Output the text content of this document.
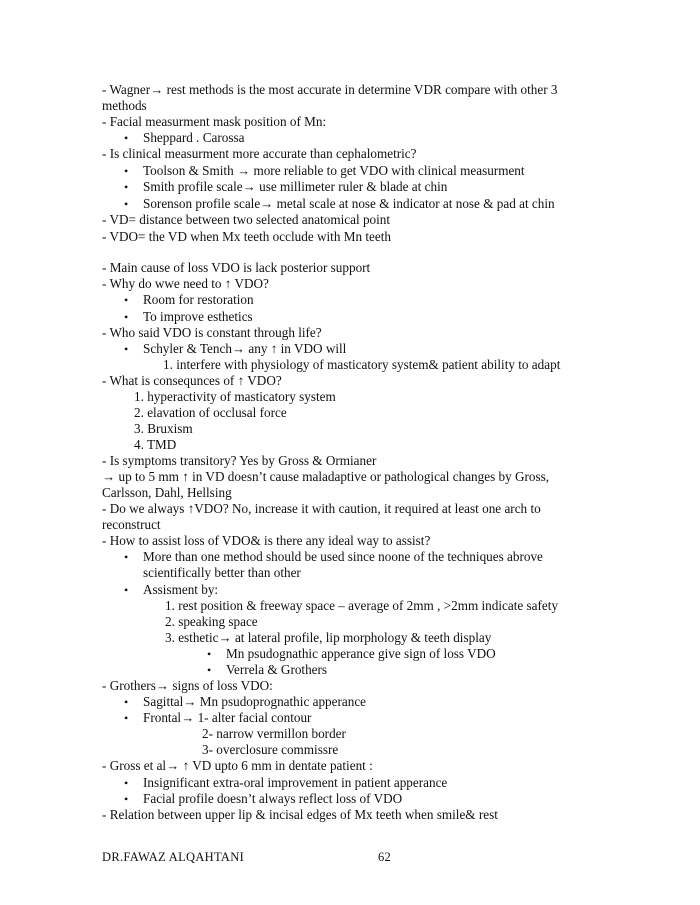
- Wagner→ rest methods is the most accurate in determine VDR compare with other 3
methods
- Facial measurment mask position of Mn:
Sheppard . Carossa
•
- Is clinical measurment more accurate than cephalometric?
Toolson & Smith → more reliable to get VDO with clinical measurment
•
Smith profile scale→ use millimeter ruler & blade at chin
•
Sorenson profile scale→ metal scale at nose & indicator at nose & pad at chin
•
- VD= distance between two selected anatomical point
- VDO= the VD when Mx teeth occlude with Mn teeth
- Main cause of loss VDO is lack posterior support
- Why do wwe need to ↑ VDO?
Room for restoration
•
To improve esthetics
•
- Who said VDO is constant through life?
Schyler & Tench→ any ↑ in VDO will
•
1. interfere with physiology of masticatory system& patient ability to adapt
- What is consequnces of ↑ VDO?
1. hyperactivity of masticatory system
2. elavation of occlusal force
3. Bruxism
4. TMD
- Is symptoms transitory? Yes by Gross & Ormianer
→ up to 5 mm ↑ in VD doesn’t cause maladaptive or pathological changes by Gross,
Carlsson, Dahl, Hellsing
- Do we always ↑VDO? No, increase it with caution, it required at least one arch to
reconstruct
- How to assist loss of VDO& is there any ideal way to assist?
More than one method should be used since noone of the techniques abrove
•
scientifically better than other
Assisment by:
•
1. rest position & freeway space – average of 2mm , >2mm indicate safety
2. speaking space
3. esthetic→ at lateral profile, lip morphology & teeth display
Mn psudognathic apperance give sign of loss VDO
•
Verrela & Grothers
•
- Grothers→ signs of loss VDO:
Sagittal→ Mn psudoprognathic apperance
•
Frontal→ 1- alter facial contour
•
2- narrow vermillon border
3- overclosure commissre
- Gross et al→ ↑ VD upto 6 mm in dentate patient :
Insignificant extra-oral improvement in patient apperance
•
Facial profile doesn’t always reflect loss of VDO
•
- Relation between upper lip & incisal edges of Mx teeth when smile& rest
DR.FAWAZ ALQAHTANI	62
